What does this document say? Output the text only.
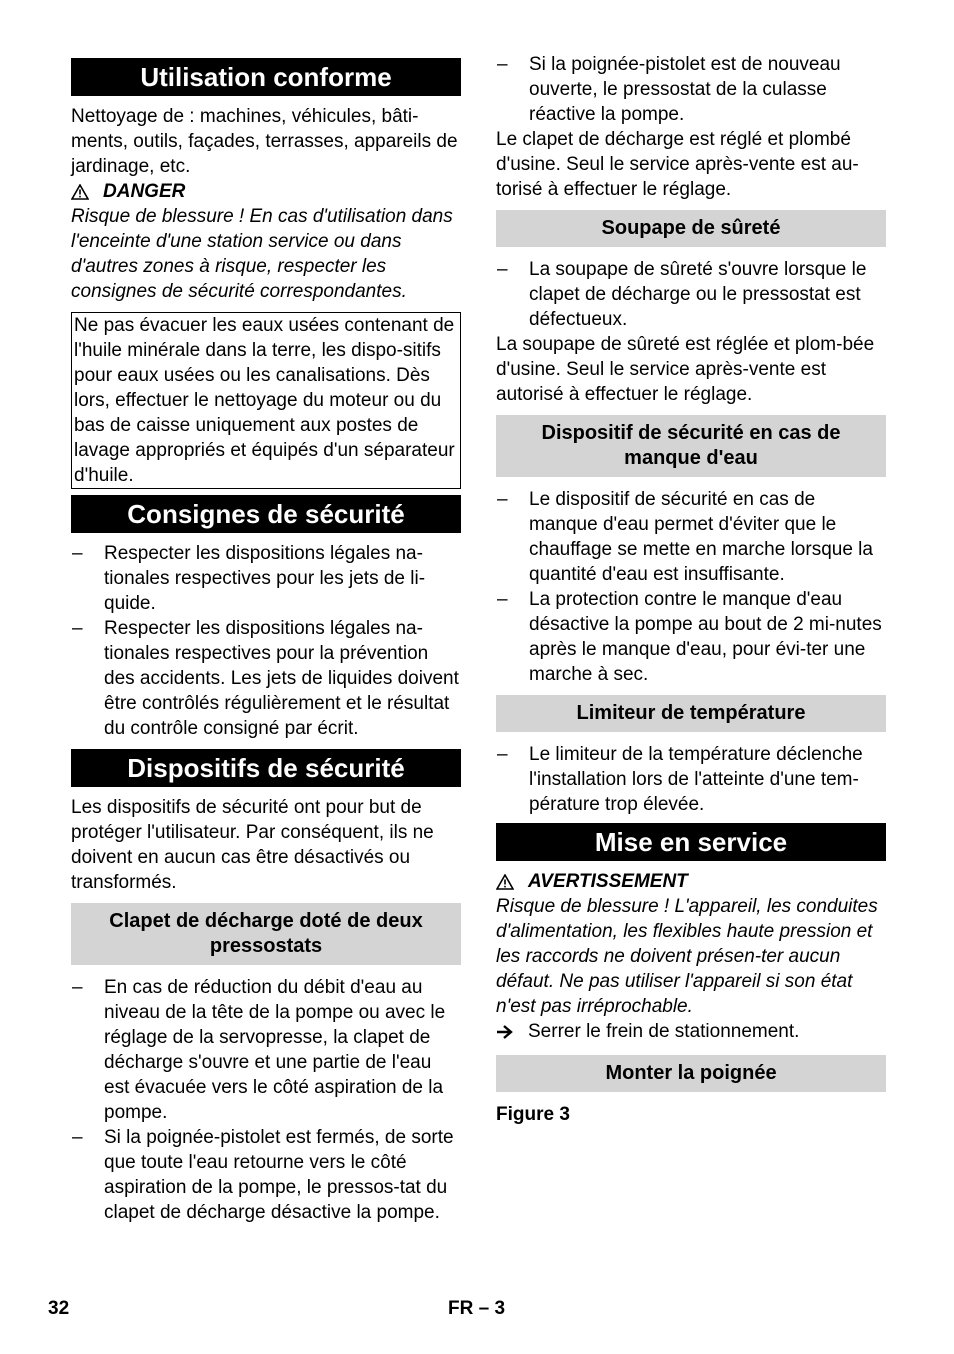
Utilisation conforme

Nettoyage de : machines, véhicules, bâti-ments, outils, façades, terrasses, appareils de jardinage, etc.

DANGER

Risque de blessure ! En cas d'utilisation dans l'enceinte d'une station service ou dans d'autres zones à risque, respecter les consignes de sécurité correspondantes.

Ne pas évacuer les eaux usées contenant de l'huile minérale dans la terre, les dispo-sitifs pour eaux usées ou les canalisations. Dès lors, effectuer le nettoyage du moteur ou du bas de caisse uniquement aux postes de lavage appropriés et équipés d'un séparateur d'huile.

Consignes de sécurité
–	Respecter les dispositions légales na-tionales respectives pour les jets de li-quide.
–	Respecter les dispositions légales na-tionales respectives pour la prévention des accidents. Les jets de liquides doivent être contrôlés régulièrement et le résultat du contrôle consigné par écrit.
Dispositifs de sécurité

Les dispositifs de sécurité ont pour but de protéger l'utilisateur. Par conséquent, ils ne doivent en aucun cas être désactivés ou transformés.

Clapet de décharge doté de deux pressostats
–	En cas de réduction du débit d'eau au niveau de la tête de la pompe ou avec le réglage de la servopresse, la clapet de décharge s'ouvre et une partie de l'eau est évacuée vers le côté aspiration de la pompe.
–	Si la poignée-pistolet est fermés, de sorte que toute l'eau retourne vers le côté aspiration de la pompe, le pressos-tat du clapet de décharge désactive la pompe.
–	Si la poignée-pistolet est de nouveau ouverte, le pressostat de la culasse réactive la pompe.

Le clapet de décharge est réglé et plombé d'usine. Seul le service après-vente est au-torisé à effectuer le réglage.

Soupape de sûreté
–	La soupape de sûreté s'ouvre lorsque le clapet de décharge ou le pressostat est défectueux.

La soupape de sûreté est réglée et plom-bée d'usine. Seul le service après-vente est autorisé à effectuer le réglage.

Dispositif de sécurité en cas de manque d'eau
–	Le dispositif de sécurité en cas de manque d'eau permet d'éviter que le chauffage se mette en marche lorsque la quantité d'eau est insuffisante.
–	La protection contre le manque d'eau désactive la pompe au bout de 2 mi-nutes après le manque d'eau, pour évi-ter une marche à sec.
Limiteur de température
–	Le limiteur de la température déclenche l'installation lors de l'atteinte d'une tem-pérature trop élevée.
Mise en service
AVERTISSEMENT

Risque de blessure ! L'appareil, les conduites d'alimentation, les flexibles haute pression et les raccords ne doivent présen-ter aucun défaut. Ne pas utiliser l'appareil si son état n'est pas irréprochable.

Serrer le frein de stationnement.
Monter la poignée
Figure 3
32	FR – 3
